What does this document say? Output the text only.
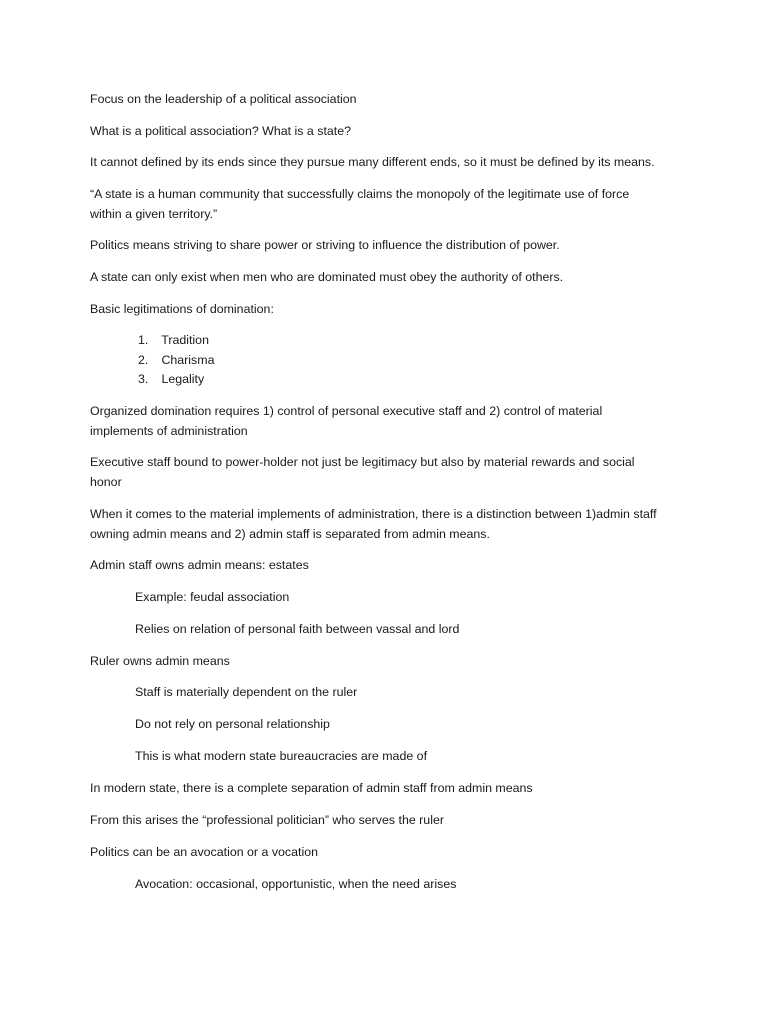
Focus on the leadership of a political association
What is a political association? What is a state?
It cannot defined by its ends since they pursue many different ends, so it must be defined by its means.
“A state is a human community that successfully claims the monopoly of the legitimate use of force within a given territory.”
Politics means striving to share power or striving to influence the distribution of power.
A state can only exist when men who are dominated must obey the authority of others.
Basic legitimations of domination:
1. Tradition
2. Charisma
3. Legality
Organized domination requires 1) control of personal executive staff and 2) control of material implements of administration
Executive staff bound to power-holder not just be legitimacy but also by material rewards and social honor
When it comes to the material implements of administration, there is a distinction between 1)admin staff owning admin means and 2) admin staff is separated from admin means.
Admin staff owns admin means: estates
Example: feudal association
Relies on relation of personal faith between vassal and lord
Ruler owns admin means
Staff is materially dependent on the ruler
Do not rely on personal relationship
This is what modern state bureaucracies are made of
In modern state, there is a complete separation of admin staff from admin means
From this arises the “professional politician” who serves the ruler
Politics can be an avocation or a vocation
Avocation: occasional, opportunistic, when the need arises
